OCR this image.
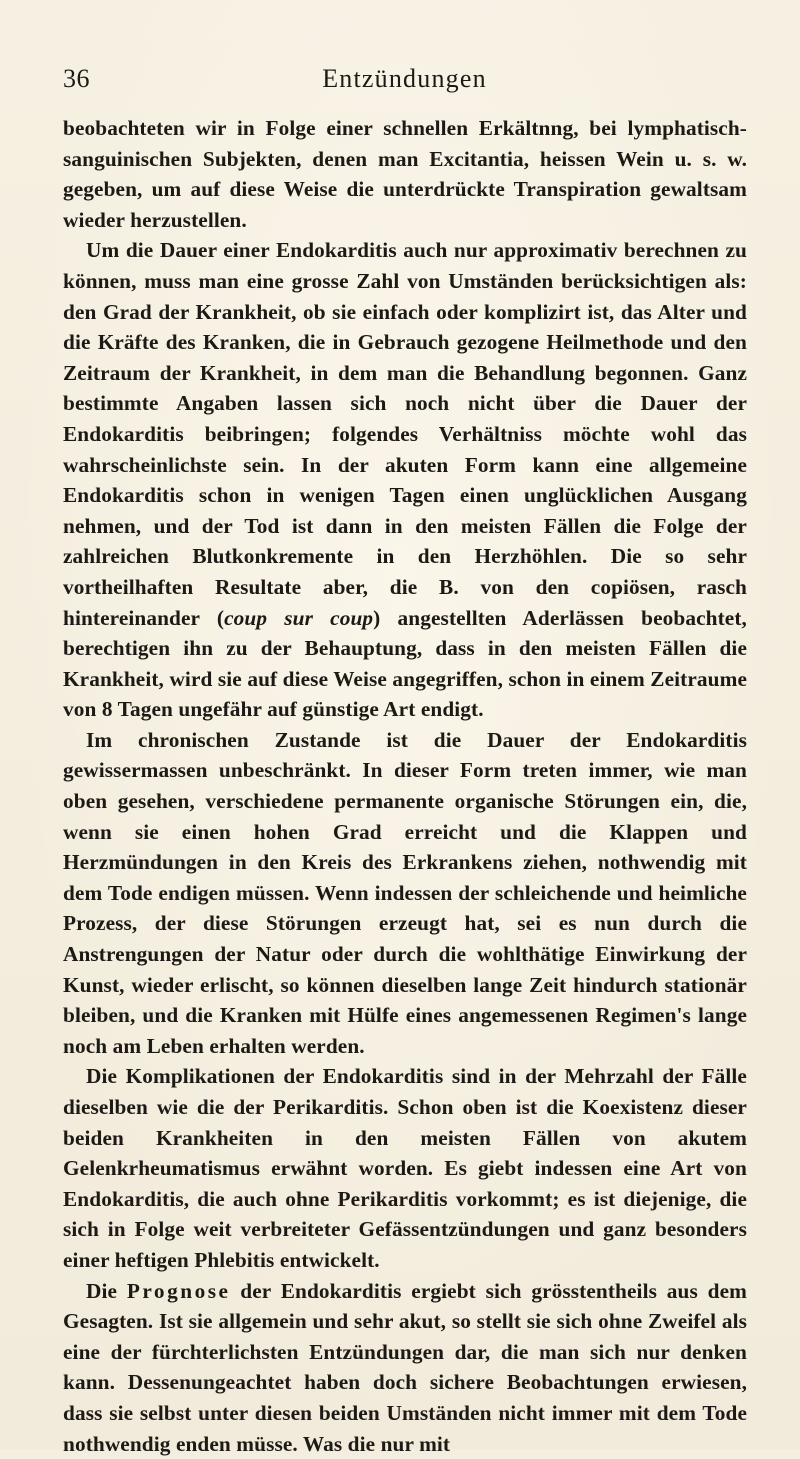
36	Entzündungen

beobachteten wir in Folge einer schnellen Erkältnng, bei lymphatisch-sanguinischen Subjekten, denen man Excitantia, heissen Wein u. s. w. gegeben, um auf diese Weise die unterdrückte Transpiration gewaltsam wieder herzustellen.

Um die Dauer einer Endokarditis auch nur approximativ berechnen zu können, muss man eine grosse Zahl von Umständen berücksichtigen als: den Grad der Krankheit, ob sie einfach oder komplizirt ist, das Alter und die Kräfte des Kranken, die in Gebrauch gezogene Heilmethode und den Zeitraum der Krankheit, in dem man die Behandlung begonnen. Ganz bestimmte Angaben lassen sich noch nicht über die Dauer der Endokarditis beibringen; folgendes Verhältniss möchte wohl das wahrscheinlichste sein. In der akuten Form kann eine allgemeine Endokarditis schon in wenigen Tagen einen unglücklichen Ausgang nehmen, und der Tod ist dann in den meisten Fällen die Folge der zahlreichen Blutkonkremente in den Herzhöhlen. Die so sehr vortheilhaften Resultate aber, die B. von den copiösen, rasch hintereinander (coup sur coup) angestellten Aderlässen beobachtet, berechtigen ihn zu der Behauptung, dass in den meisten Fällen die Krankheit, wird sie auf diese Weise angegriffen, schon in einem Zeitraume von 8 Tagen ungefähr auf günstige Art endigt.

Im chronischen Zustande ist die Dauer der Endokarditis gewissermassen unbeschränkt. In dieser Form treten immer, wie man oben gesehen, verschiedene permanente organische Störungen ein, die, wenn sie einen hohen Grad erreicht und die Klappen und Herzmündungen in den Kreis des Erkrankens ziehen, nothwendig mit dem Tode endigen müssen. Wenn indessen der schleichende und heimliche Prozess, der diese Störungen erzeugt hat, sei es nun durch die Anstrengungen der Natur oder durch die wohlthätige Einwirkung der Kunst, wieder erlischt, so können dieselben lange Zeit hindurch stationär bleiben, und die Kranken mit Hülfe eines angemessenen Regimen's lange noch am Leben erhalten werden.

Die Komplikationen der Endokarditis sind in der Mehrzahl der Fälle dieselben wie die der Perikarditis. Schon oben ist die Koexistenz dieser beiden Krankheiten in den meisten Fällen von akutem Gelenkrheumatismus erwähnt worden. Es giebt indessen eine Art von Endokarditis, die auch ohne Perikarditis vorkommt; es ist diejenige, die sich in Folge weit verbreiteter Gefässentzündungen und ganz besonders einer heftigen Phlebitis entwickelt.

Die Prognose der Endokarditis ergiebt sich grösstentheils aus dem Gesagten. Ist sie allgemein und sehr akut, so stellt sie sich ohne Zweifel als eine der fürchterlichsten Entzündungen dar, die man sich nur denken kann. Dessenungeachtet haben doch sichere Beobachtungen erwiesen, dass sie selbst unter diesen beiden Umständen nicht immer mit dem Tode nothwendig enden müsse. Was die nur mit
